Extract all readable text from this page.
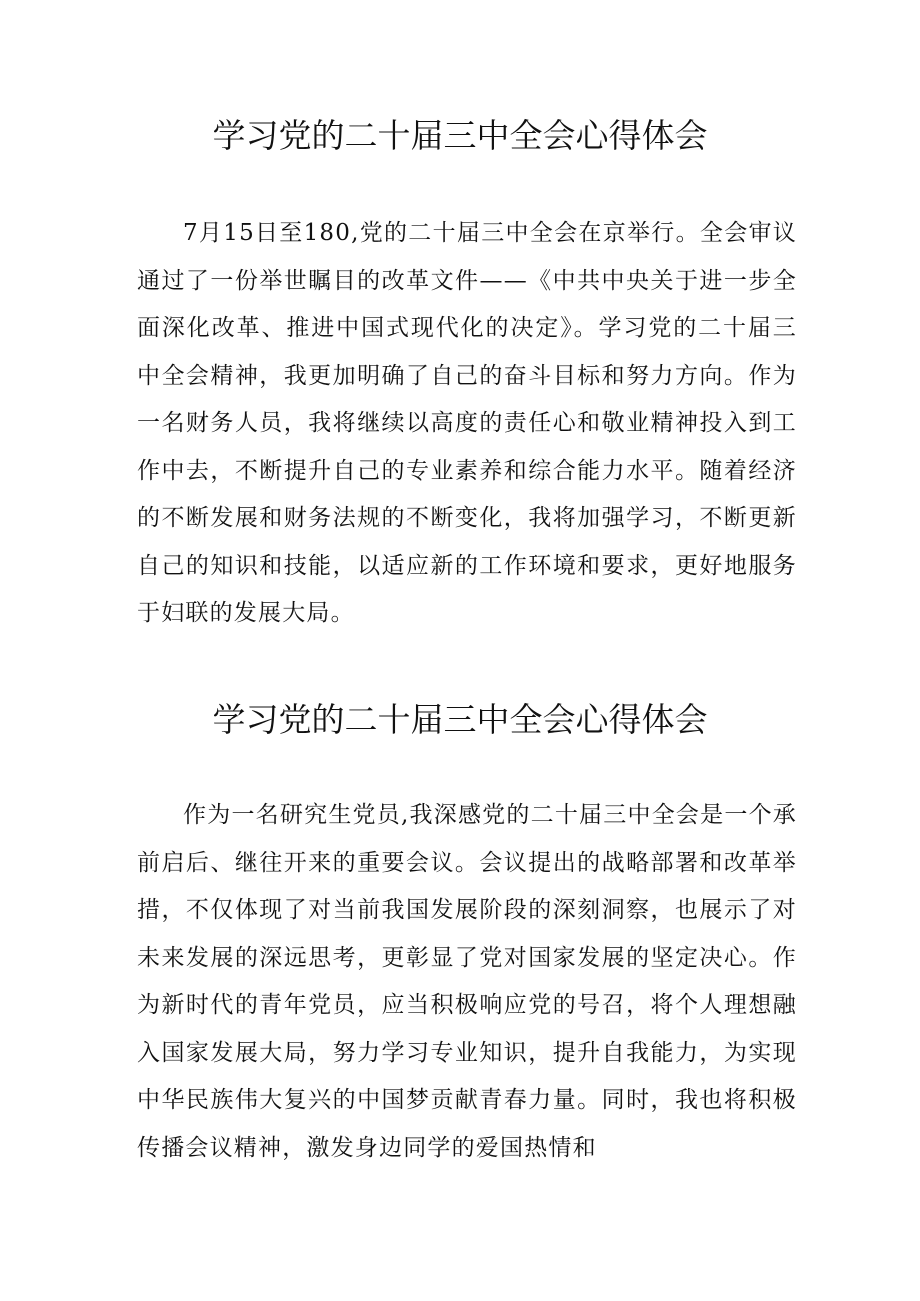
学习党的二十届三中全会心得体会

7月15日至180,党的二十届三中全会在京举行。全会审议通过了一份举世瞩目的改革文件——《中共中央关于进一步全面深化改革、推进中国式现代化的决定》。学习党的二十届三中全会精神，我更加明确了自己的奋斗目标和努力方向。作为一名财务人员，我将继续以高度的责任心和敬业精神投入到工作中去，不断提升自己的专业素养和综合能力水平。随着经济的不断发展和财务法规的不断变化，我将加强学习，不断更新自己的知识和技能，以适应新的工作环境和要求，更好地服务于妇联的发展大局。

学习党的二十届三中全会心得体会

作为一名研究生党员,我深感党的二十届三中全会是一个承前启后、继往开来的重要会议。会议提出的战略部署和改革举措，不仅体现了对当前我国发展阶段的深刻洞察，也展示了对未来发展的深远思考，更彰显了党对国家发展的坚定决心。作为新时代的青年党员，应当积极响应党的号召，将个人理想融入国家发展大局，努力学习专业知识，提升自我能力，为实现中华民族伟大复兴的中国梦贡献青春力量。同时，我也将积极传播会议精神，激发身边同学的爱国热情和
